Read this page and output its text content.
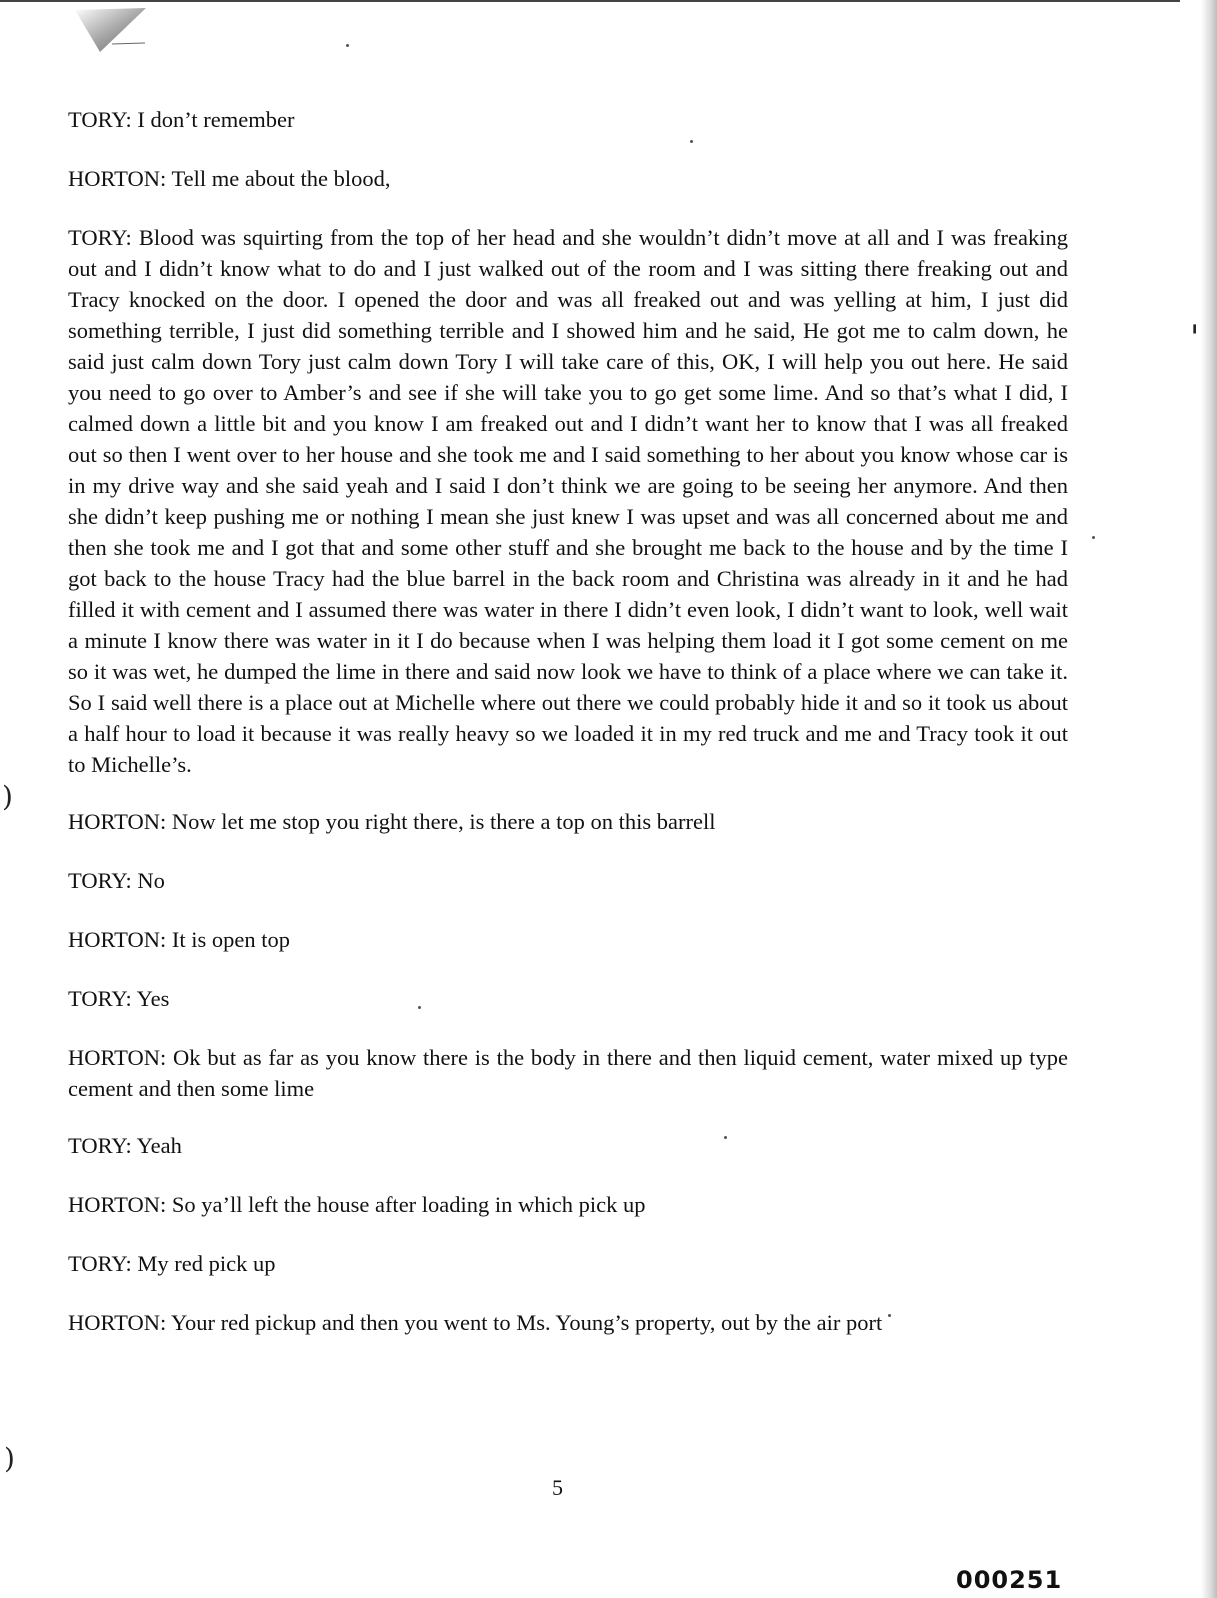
)
)
'

TORY: I don’t remember

HORTON: Tell me about the blood,

TORY: Blood was squirting from the top of her head and she wouldn’t didn’t move at all and I was freaking out and I didn’t know what to do and I just walked out of the room and I was sitting there freaking out and Tracy knocked on the door. I opened the door and was all freaked out and was yelling at him, I just did something terrible, I just did something terrible and I showed him and he said, He got me to calm down, he said just calm down Tory just calm down Tory I will take care of this, OK, I will help you out here. He said you need to go over to Amber’s and see if she will take you to go get some lime. And so that’s what I did, I calmed down a little bit and you know I am freaked out and I didn’t want her to know that I was all freaked out so then I went over to her house and she took me and I said something to her about you know whose car is in my drive way and she said yeah and I said I don’t think we are going to be seeing her anymore. And then she didn’t keep pushing me or nothing I mean she just knew I was upset and was all concerned about me and then she took me and I got that and some other stuff and she brought me back to the house and by the time I got back to the house Tracy had the blue barrel in the back room and Christina was already in it and he had filled it with cement and I assumed there was water in there I didn’t even look, I didn’t want to look, well wait a minute I know there was water in it I do because when I was helping them load it I got some cement on me so it was wet, he dumped the lime in there and said now look we have to think of a place where we can take it. So I said well there is a place out at Michelle where out there we could probably hide it and so it took us about a half hour to load it because it was really heavy so we loaded it in my red truck and me and Tracy took it out to Michelle’s.

HORTON: Now let me stop you right there, is there a top on this barrell

TORY: No

HORTON: It is open top

TORY: Yes

HORTON: Ok but as far as you know there is the body in there and then liquid cement, water mixed up type cement and then some lime

TORY: Yeah

HORTON: So ya’ll left the house after loading in which pick up

TORY: My red pick up

HORTON: Your red pickup and then you went to Ms. Young’s property, out by the air port

5
000251
